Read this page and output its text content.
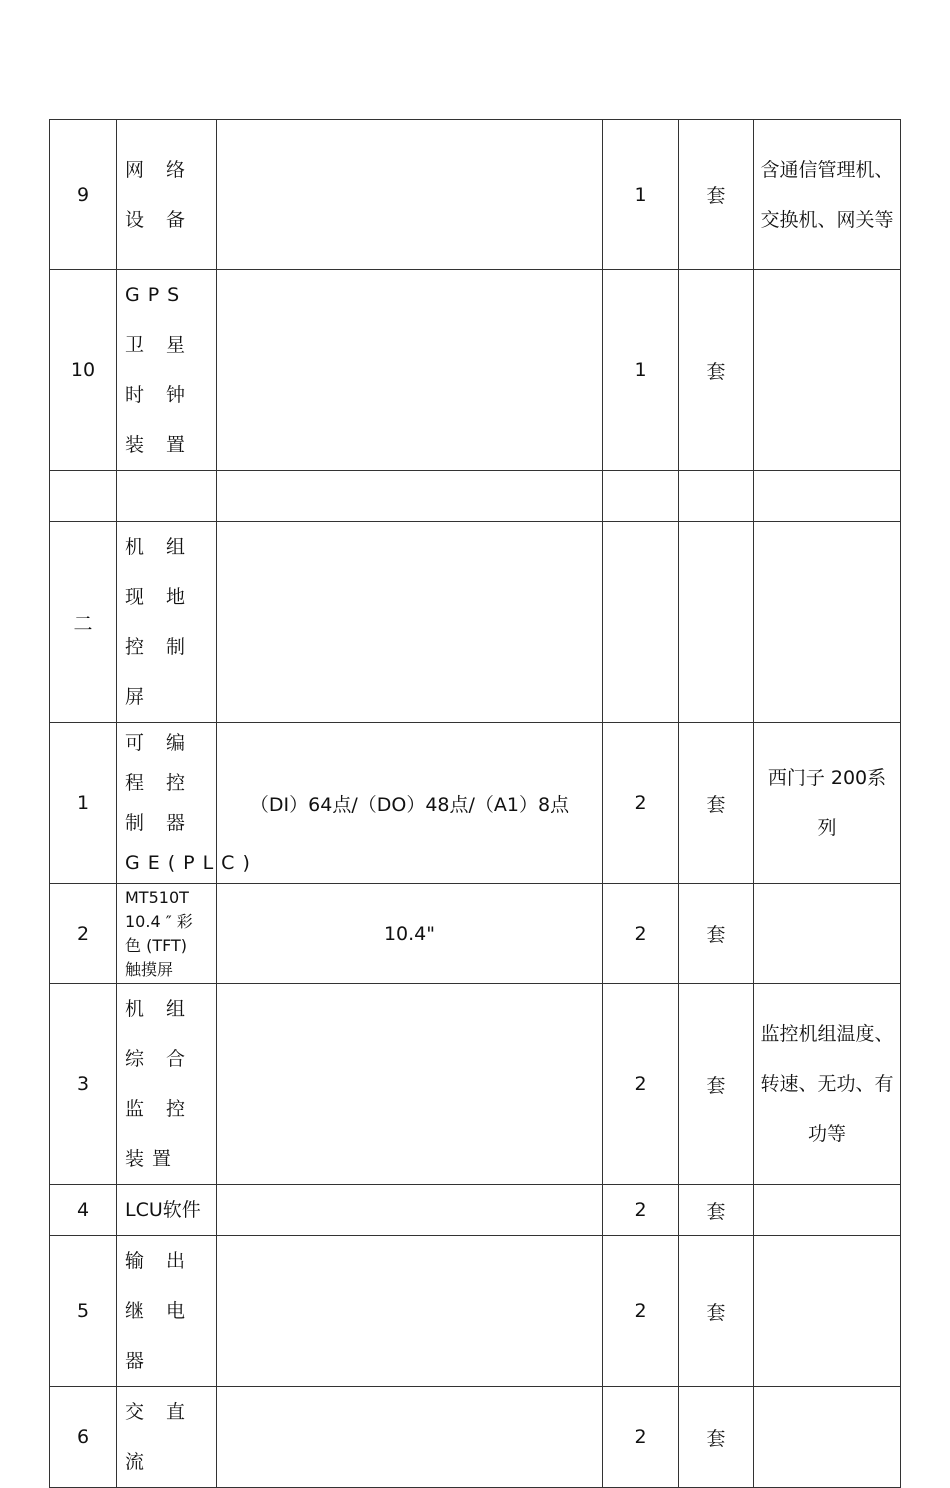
9	网 络 设 备		1	套	含通信管理机、交换机、网关等
10	GPS卫 星 时 钟 装 置		1	套	

二	机 组 现 地 控 制 屏				
1	可 编 程 控 制 器 GE(PLC)	（DI）64点/（DO）48点/（A1）8点	2	套	西门子 200系列
2	MT510T 10.4 ″ 彩 色 (TFT) 触摸屏	10.4"	2	套	
3	机 组 综 合 监 控 装置		2	套	监控机组温度、转速、无功、有功等
4	LCU软件		2	套	
5	输 出 继 电器		2	套	
6	交 直 流		2	套	
